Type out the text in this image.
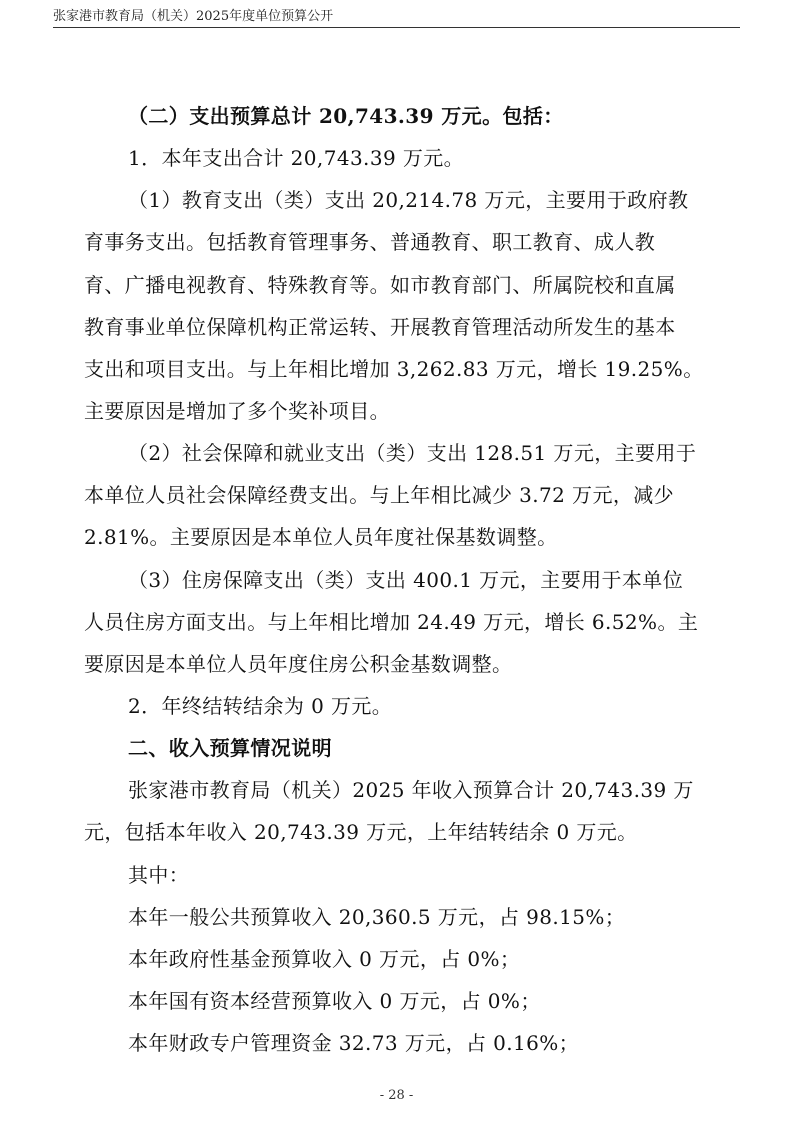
张家港市教育局（机关）2025年度单位预算公开
（二）支出预算总计 20,743.39 万元。包括：
1．本年支出合计 20,743.39 万元。
（1）教育支出（类）支出 20,214.78 万元，主要用于政府教
育事务支出。包括教育管理事务、普通教育、职工教育、成人教
育、广播电视教育、特殊教育等。如市教育部门、所属院校和直属
教育事业单位保障机构正常运转、开展教育管理活动所发生的基本
支出和项目支出。与上年相比增加 3,262.83 万元，增长 19.25%。
主要原因是增加了多个奖补项目。
（2）社会保障和就业支出（类）支出 128.51 万元，主要用于
本单位人员社会保障经费支出。与上年相比减少 3.72 万元，减少
2.81%。主要原因是本单位人员年度社保基数调整。
（3）住房保障支出（类）支出 400.1 万元，主要用于本单位
人员住房方面支出。与上年相比增加 24.49 万元，增长 6.52%。主
要原因是本单位人员年度住房公积金基数调整。
2．年终结转结余为 0 万元。
二、收入预算情况说明
张家港市教育局（机关）2025 年收入预算合计 20,743.39 万
元，包括本年收入 20,743.39 万元，上年结转结余 0 万元。
其中：
本年一般公共预算收入 20,360.5 万元，占 98.15%；
本年政府性基金预算收入 0 万元，占 0%；
本年国有资本经营预算收入 0 万元，占 0%；
本年财政专户管理资金 32.73 万元，占 0.16%；
- 28 -
